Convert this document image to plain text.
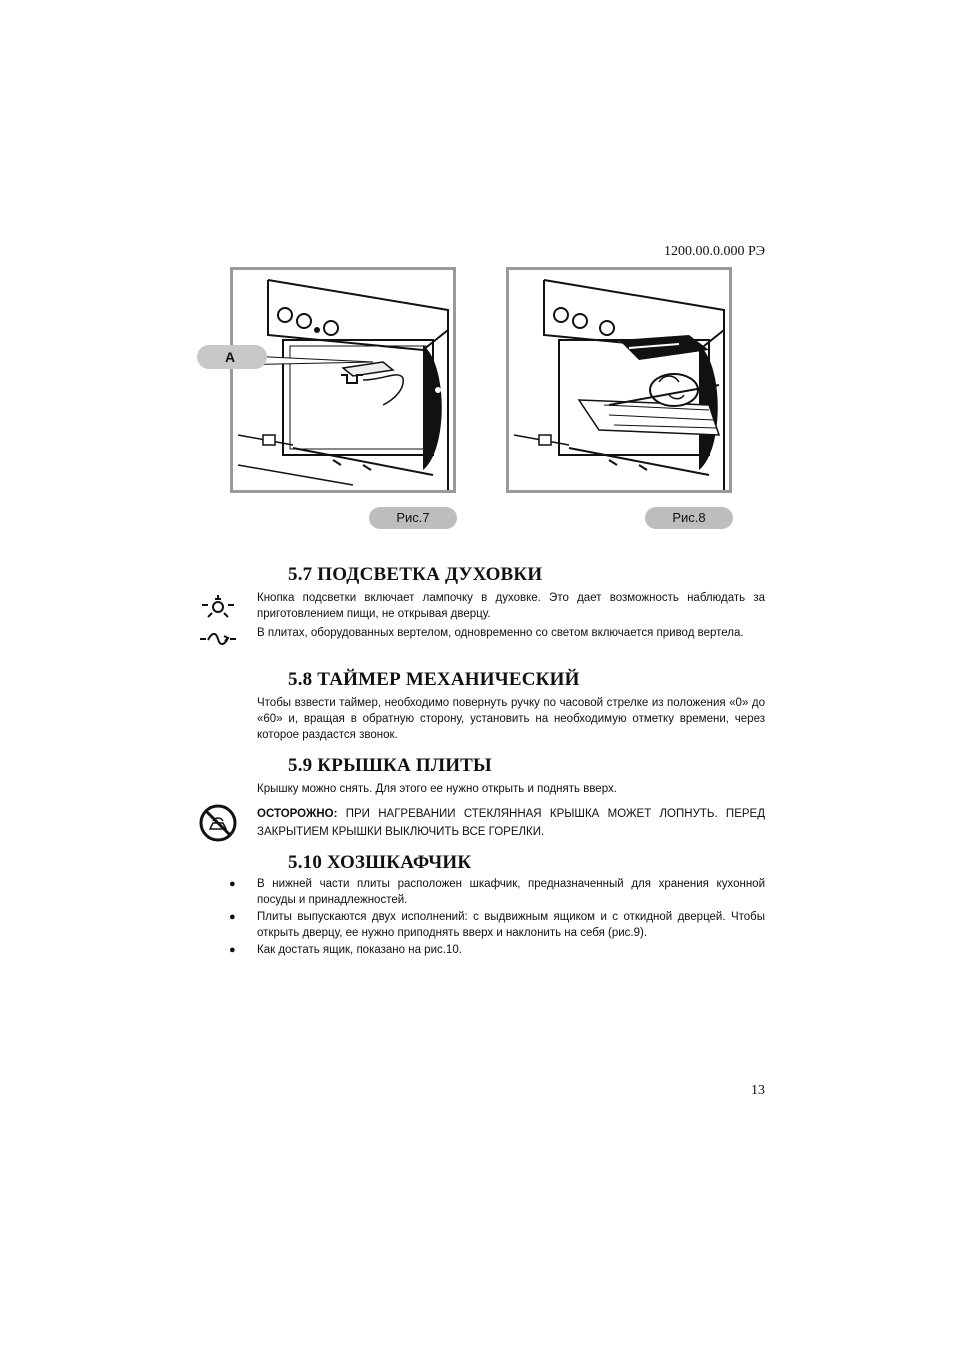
1200.00.0.000 РЭ
А
Рис.7	Рис.8
5.7 ПОДСВЕТКА ДУХОВКИ
Кнопка подсветки включает лампочку в духовке. Это дает возможность наблюдать за приготовлением пищи, не открывая дверцу.
В плитах, оборудованных вертелом, одновременно со светом включается привод вертела.
5.8 ТАЙМЕР МЕХАНИЧЕСКИЙ
Чтобы взвести таймер, необходимо повернуть ручку по часовой стрелке из положения «0» до «60» и, вращая в обратную сторону, установить на необходимую отметку времени, через которое раздастся звонок.
5.9 КРЫШКА ПЛИТЫ
Крышку можно снять. Для этого ее нужно открыть и поднять вверх.
ОСТОРОЖНО: ПРИ НАГРЕВАНИИ СТЕКЛЯННАЯ КРЫШКА МОЖЕТ ЛОПНУТЬ. ПЕРЕД ЗАКРЫТИЕМ КРЫШКИ ВЫКЛЮЧИТЬ ВСЕ ГОРЕЛКИ.
5.10 ХОЗШКАФЧИК
● В нижней части плиты расположен шкафчик, предназначенный для хранения кухонной посуды и принадлежностей.
● Плиты выпускаются двух исполнений: с выдвижным ящиком и с откидной дверцей. Чтобы открыть дверцу, ее нужно приподнять вверх и наклонить на себя (рис.9).
● Как достать ящик, показано на рис.10.
13
